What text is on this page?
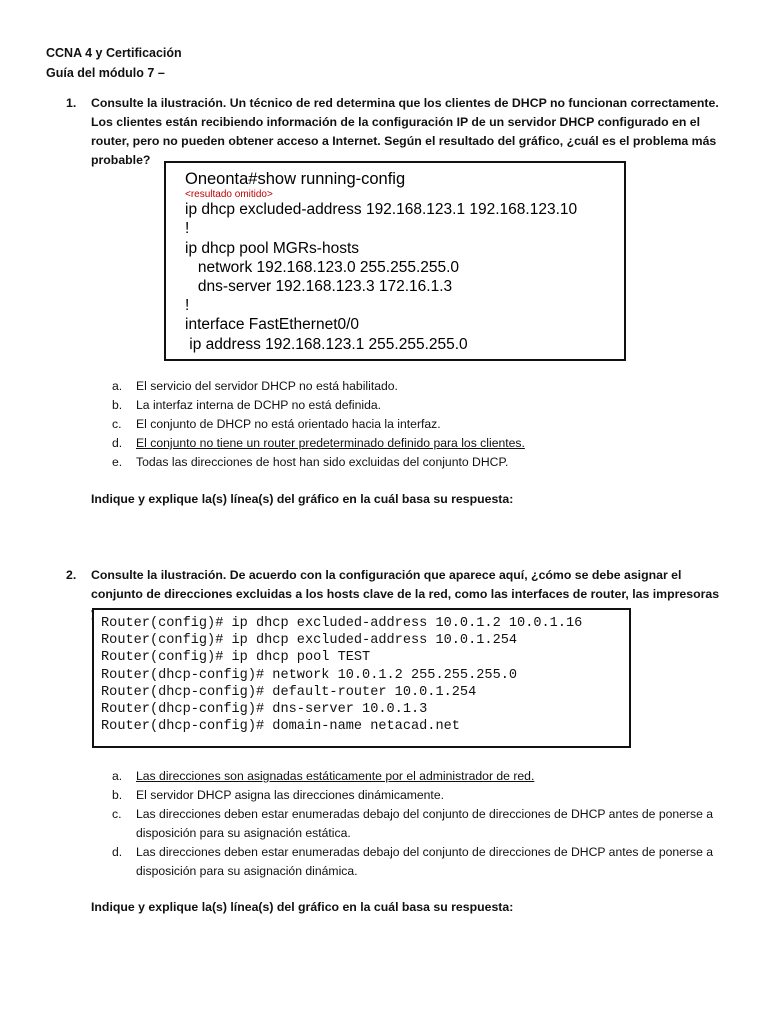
CCNA 4 y Certificación
Guía del módulo 7 –
1. Consulte la ilustración. Un técnico de red determina que los clientes de DHCP no funcionan correctamente. Los clientes están recibiendo información de la configuración IP de un servidor DHCP configurado en el router, pero no pueden obtener acceso a Internet. Según el resultado del gráfico, ¿cuál es el problema más probable?
Oneonta#show running-config
<resultado omitido>
ip dhcp excluded-address 192.168.123.1 192.168.123.10
!
ip dhcp pool MGRs-hosts
network 192.168.123.0 255.255.255.0
dns-server 192.168.123.3 172.16.1.3
!
interface FastEthernet0/0
ip address 192.168.123.1 255.255.255.0
a. El servicio del servidor DHCP no está habilitado.
b. La interfaz interna de DCHP no está definida.
c. El conjunto de DHCP no está orientado hacia la interfaz.
d. El conjunto no tiene un router predeterminado definido para los clientes.
e. Todas las direcciones de host han sido excluidas del conjunto DHCP.
Indique y explique la(s) línea(s) del gráfico en la cuál basa su respuesta:
2. Consulte la ilustración. De acuerdo con la configuración que aparece aquí, ¿cómo se debe asignar el conjunto de direcciones excluidas a los hosts clave de la red, como las interfaces de router, las impresoras
Router(config)# ip dhcp excluded-address 10.0.1.2 10.0.1.16
Router(config)# ip dhcp excluded-address 10.0.1.254
Router(config)# ip dhcp pool TEST
Router(dhcp-config)# network 10.0.1.2 255.255.255.0
Router(dhcp-config)# default-router 10.0.1.254
Router(dhcp-config)# dns-server 10.0.1.3
Router(dhcp-config)# domain-name netacad.net
a. Las direcciones son asignadas estáticamente por el administrador de red.
b. El servidor DHCP asigna las direcciones dinámicamente.
c. Las direcciones deben estar enumeradas debajo del conjunto de direcciones de DHCP antes de ponerse a disposición para su asignación estática.
d. Las direcciones deben estar enumeradas debajo del conjunto de direcciones de DHCP antes de ponerse a disposición para su asignación dinámica.
Indique y explique la(s) línea(s) del gráfico en la cuál basa su respuesta:
